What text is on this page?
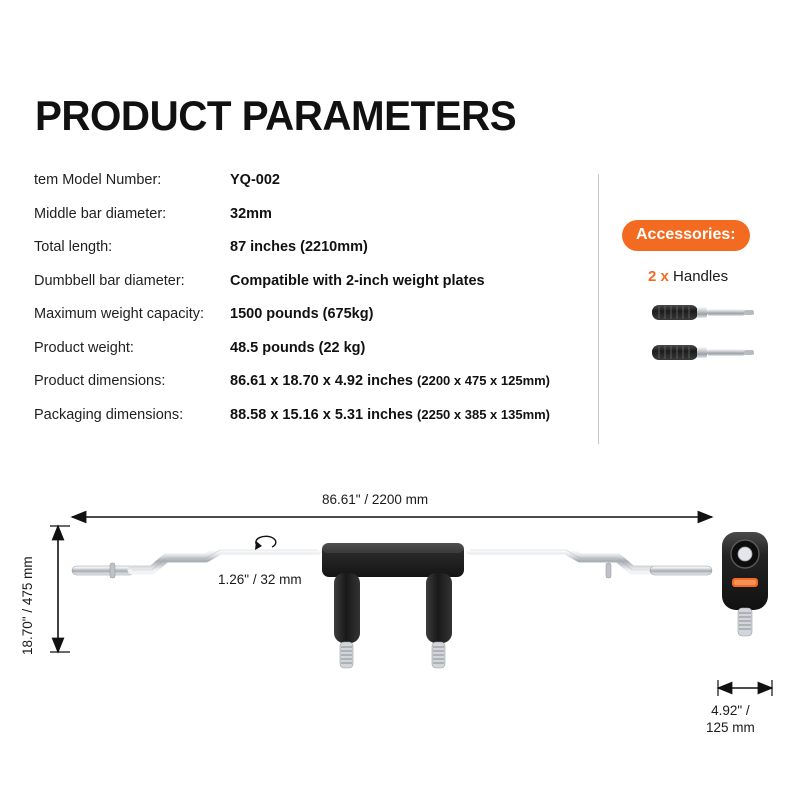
PRODUCT PARAMETERS
tem Model Number:	YQ-002
Middle bar diameter:	32mm
Total length:	87 inches (2210mm)
Dumbbell bar diameter:	Compatible with 2-inch weight plates
Maximum weight capacity:	1500 pounds (675kg)
Product weight:	48.5 pounds (22 kg)
Product dimensions:	86.61 x 18.70 x 4.92 inches (2200 x 475 x 125mm)
Packaging dimensions:	88.58 x 15.16 x 5.31 inches (2250 x 385 x 135mm)
Accessories:
2 x Handles
86.61" / 2200 mm
1.26" / 32 mm
18.70" / 475 mm
4.92" /
125 mm
